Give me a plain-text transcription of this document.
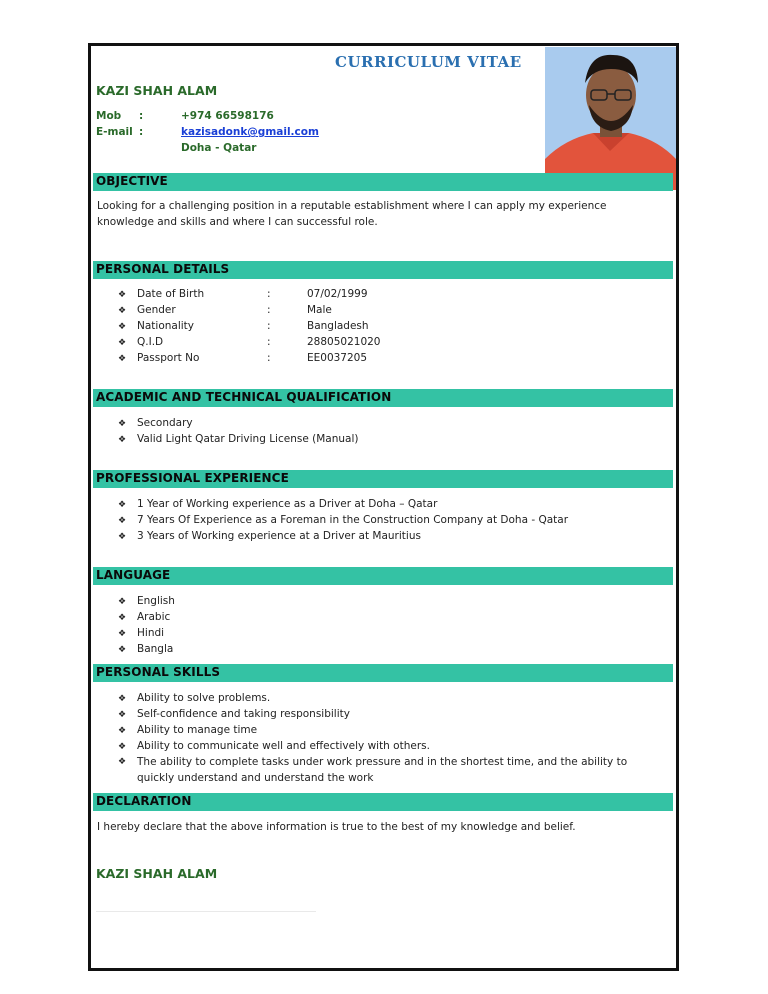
CURRICULUM VITAE
KAZI SHAH ALAM
Mob :	+974 66598176
E-mail :	kazisadonk@gmail.com
Doha - Qatar
OBJECTIVE
Looking for a challenging position in a reputable establishment where I can apply my experience knowledge and skills and where I can successful role.
PERSONAL DETAILS
❖ Date of Birth	:	07/02/1999
❖ Gender	:	Male
❖ Nationality	:	Bangladesh
❖ Q.I.D	:	28805021020
❖ Passport No	:	EE0037205
ACADEMIC AND TECHNICAL QUALIFICATION
❖ Secondary
❖ Valid Light Qatar Driving License (Manual)
PROFESSIONAL EXPERIENCE
❖ 1 Year of Working experience as a Driver at Doha – Qatar
❖ 7 Years Of Experience as a Foreman in the Construction Company at Doha - Qatar
❖ 3 Years of Working experience at a Driver at Mauritius
LANGUAGE
❖ English
❖ Arabic
❖ Hindi
❖ Bangla
PERSONAL SKILLS
❖ Ability to solve problems.
❖ Self-confidence and taking responsibility
❖ Ability to manage time
❖ Ability to communicate well and effectively with others.
❖	The ability to complete tasks under work pressure and in the shortest time, and the ability to quickly understand and understand the work
DECLARATION
I hereby declare that the above information is true to the best of my knowledge and belief.
KAZI SHAH ALAM
